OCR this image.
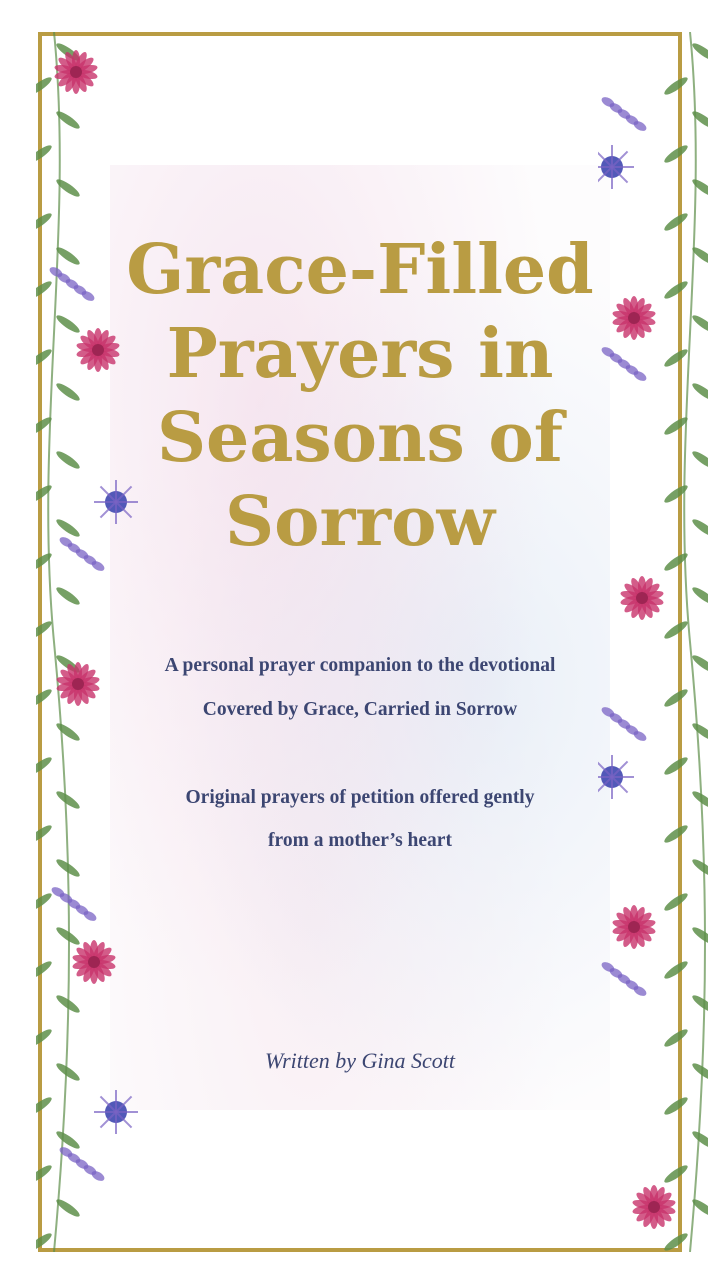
Grace-Filled Prayers in Seasons of Sorrow

A personal prayer companion to the devotional

Covered by Grace, Carried in Sorrow

Original prayers of petition offered gently

from a mother’s heart

Written by Gina Scott
